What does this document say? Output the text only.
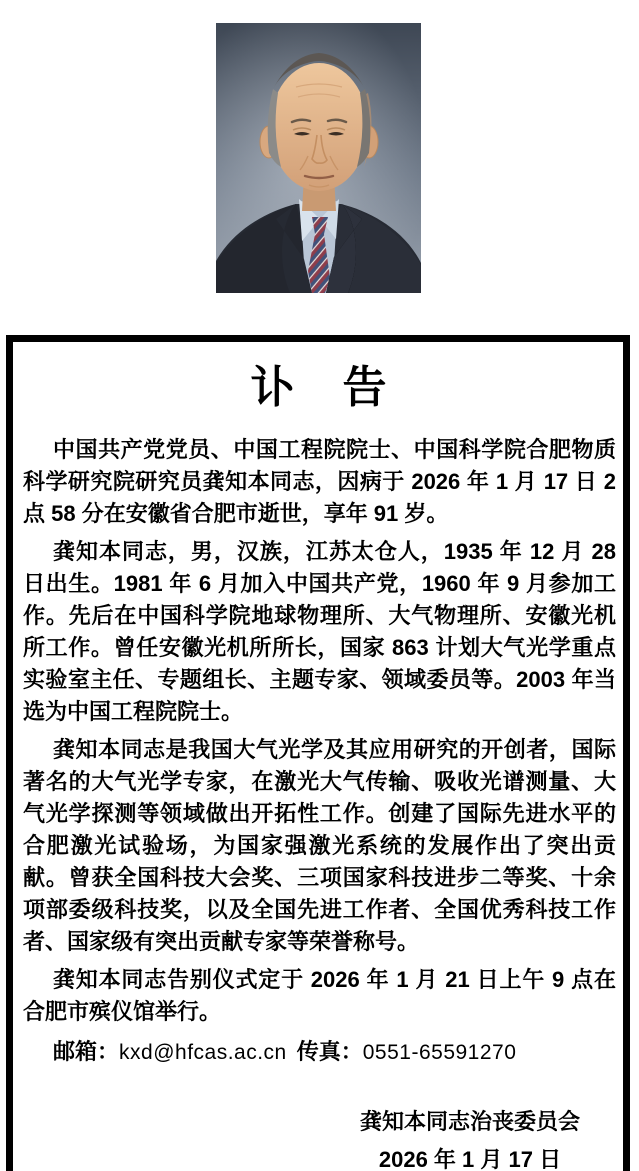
讣　告

中国共产党党员、中国工程院院士、中国科学院合肥物质科学研究院研究员龚知本同志，因病于 2026 年 1 月 17 日 2 点 58 分在安徽省合肥市逝世，享年 91 岁。

龚知本同志，男，汉族，江苏太仓人，1935 年 12 月 28 日出生。1981 年 6 月加入中国共产党，1960 年 9 月参加工作。先后在中国科学院地球物理所、大气物理所、安徽光机所工作。曾任安徽光机所所长，国家 863 计划大气光学重点实验室主任、专题组长、主题专家、领域委员等。2003 年当选为中国工程院院士。

龚知本同志是我国大气光学及其应用研究的开创者，国际著名的大气光学专家，在激光大气传输、吸收光谱测量、大气光学探测等领域做出开拓性工作。创建了国际先进水平的合肥激光试验场，为国家强激光系统的发展作出了突出贡献。曾获全国科技大会奖、三项国家科技进步二等奖、十余项部委级科技奖，以及全国先进工作者、全国优秀科技工作者、国家级有突出贡献专家等荣誉称号。

龚知本同志告别仪式定于 2026 年 1 月 21 日上午 9 点在合肥市殡仪馆举行。

邮箱：kxd@hfcas.ac.cn 传真：0551-65591270
龚知本同志治丧委员会
2026 年 1 月 17 日
